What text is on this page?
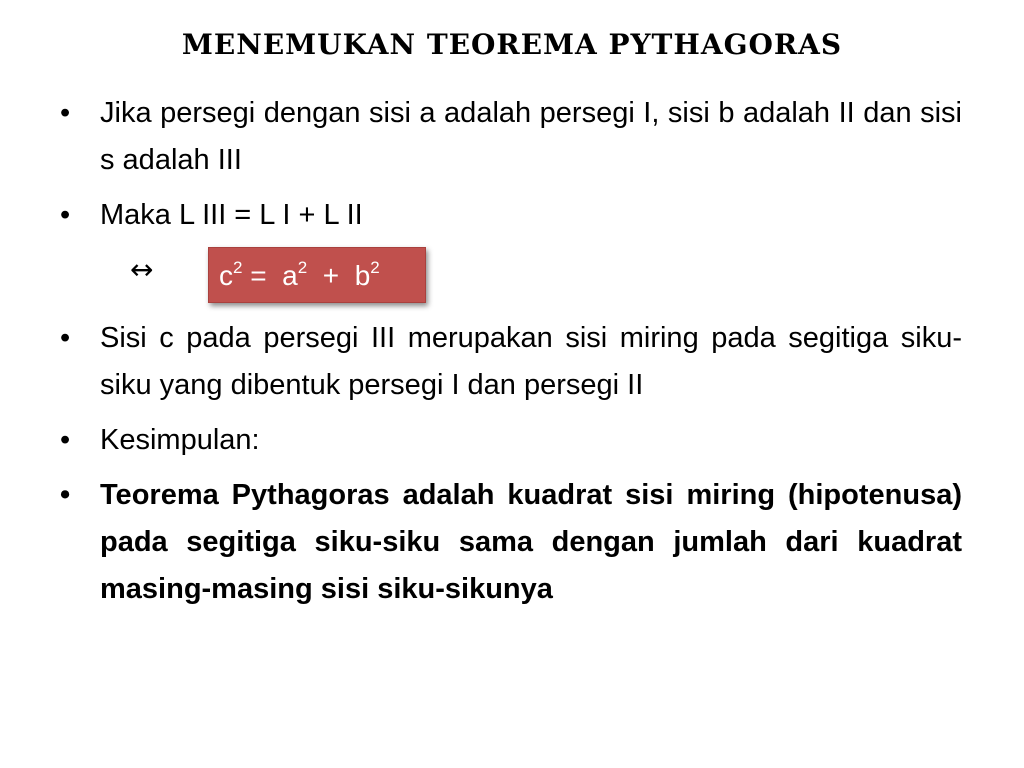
MENEMUKAN TEOREMA PYTHAGORAS
•	Jika persegi dengan sisi a adalah persegi I, sisi b adalah II dan sisi s adalah III
•	Maka L III = L I + L II
↔	$c^2 = a^2 + b^2$
•	Sisi c pada persegi III merupakan sisi miring pada segitiga siku-siku yang dibentuk persegi I dan persegi II
•	Kesimpulan:
•	Teorema Pythagoras adalah kuadrat sisi miring (hipotenusa) pada segitiga siku-siku sama dengan jumlah dari kuadrat masing-masing sisi siku-sikunya
